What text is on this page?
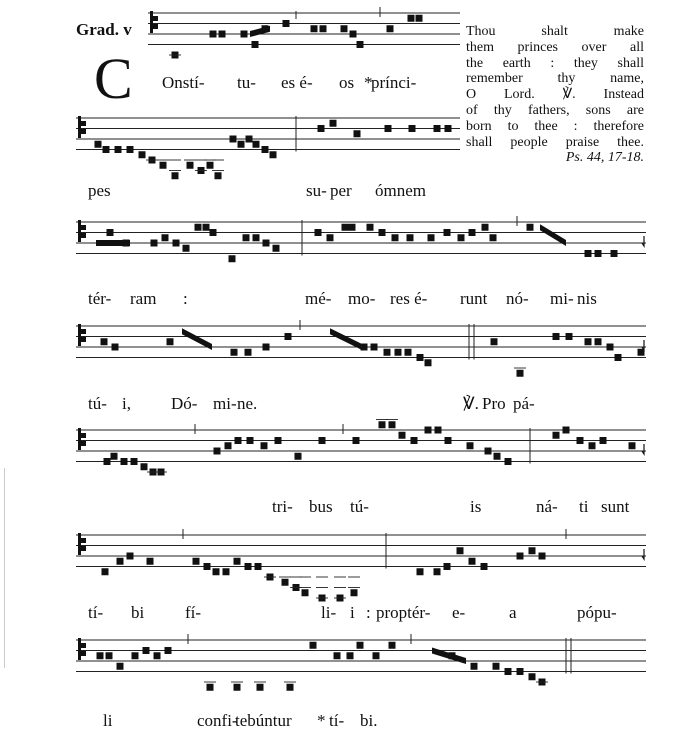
Grad. v
C Onstí- tu- es é- os *
prínci-
pes	su- per ómnem
tér- ram :	mé- mo- res é- runt nó- mi- nis
tú- i, Dó- mi- ne.	℣. Pro pá-
tri- bus tú-	is	ná- ti sunt
tí- bi fí-	li- i : proptér- e-	a	pópu-
li	confi-
tebúntur * tí- bi.
Thou shalt make
them princes over all
the earth : they shall
remember thy name,
O Lord. ℣. Instead
of thy fathers, sons are
born to thee : therefore
shall people praise thee.
Ps. 44, 17-18.
